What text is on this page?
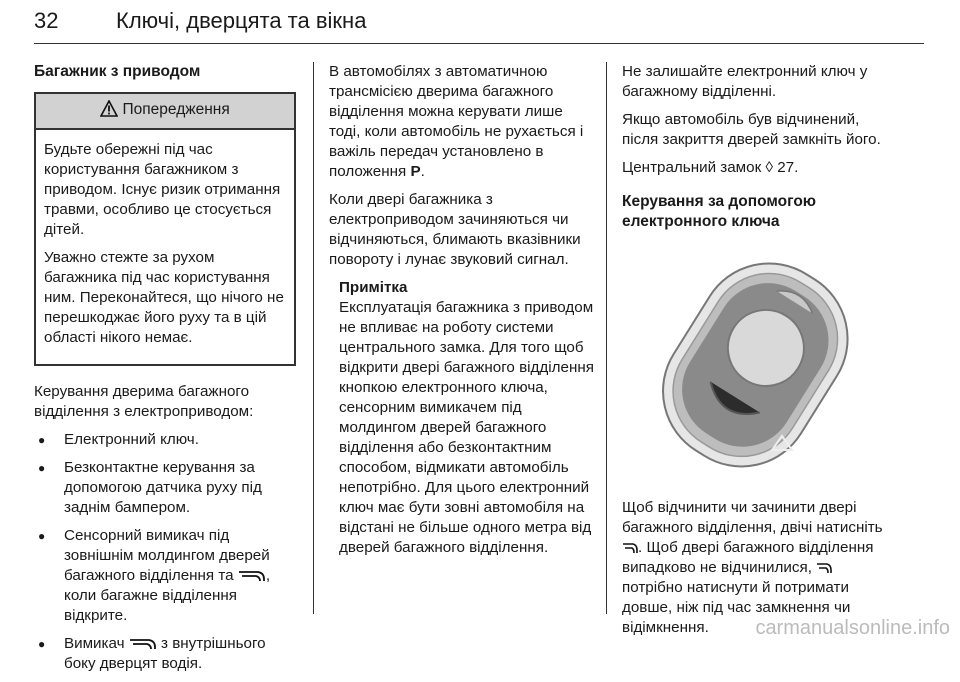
32	Ключі, дверцята та вікна
Багажник з приводом
Попередження

Будьте обережні під час користування багажником з приводом. Існує ризик отримання травми, особливо це стосується дітей.

Уважно стежте за рухом багажника під час користування ним. Переконайтеся, що нічого не перешкоджає його руху та в цій області нікого немає.

Керування дверима багажного відділення з електроприводом:

● Електронний ключ.
● Безконтактне керування за допомогою датчика руху під заднім бампером.
● Сенсорний вимикач під зовнішнім молдингом дверей багажного відділення та , коли багажне відділення відкрите.
● Вимикач з внутрішнього боку дверцят водія.

В автомобілях з автоматичною трансмісією дверима багажного відділення можна керувати лише тоді, коли автомобіль не рухається і важіль передач установлено в положення P.

Коли двері багажника з електроприводом зачиняються чи відчиняються, блимають вказівники повороту і лунає звуковий сигнал.

Примітка
Експлуатація багажника з приводом не впливає на роботу системи центрального замка. Для того щоб відкрити двері багажного відділення кнопкою електронного ключа, сенсорним вимикачем під молдингом дверей багажного відділення або безконтактним способом, відмикати автомобіль непотрібно. Для цього електронний ключ має бути зовні автомобіля на відстані не більше одного метра від дверей багажного відділення.

Не залишайте електронний ключ у багажному відділенні.

Якщо автомобіль був відчинений, після закриття дверей замкніть його.

Центральний замок ◊ 27.

Керування за допомогою електронного ключа

Щоб відчинити чи зачинити двері багажного відділення, двічі натисніть . Щоб двері багажного відділення випадково не відчинилися,  потрібно натиснути й потримати довше, ніж під час замкнення чи відімкнення.	carmanualsonline.info
